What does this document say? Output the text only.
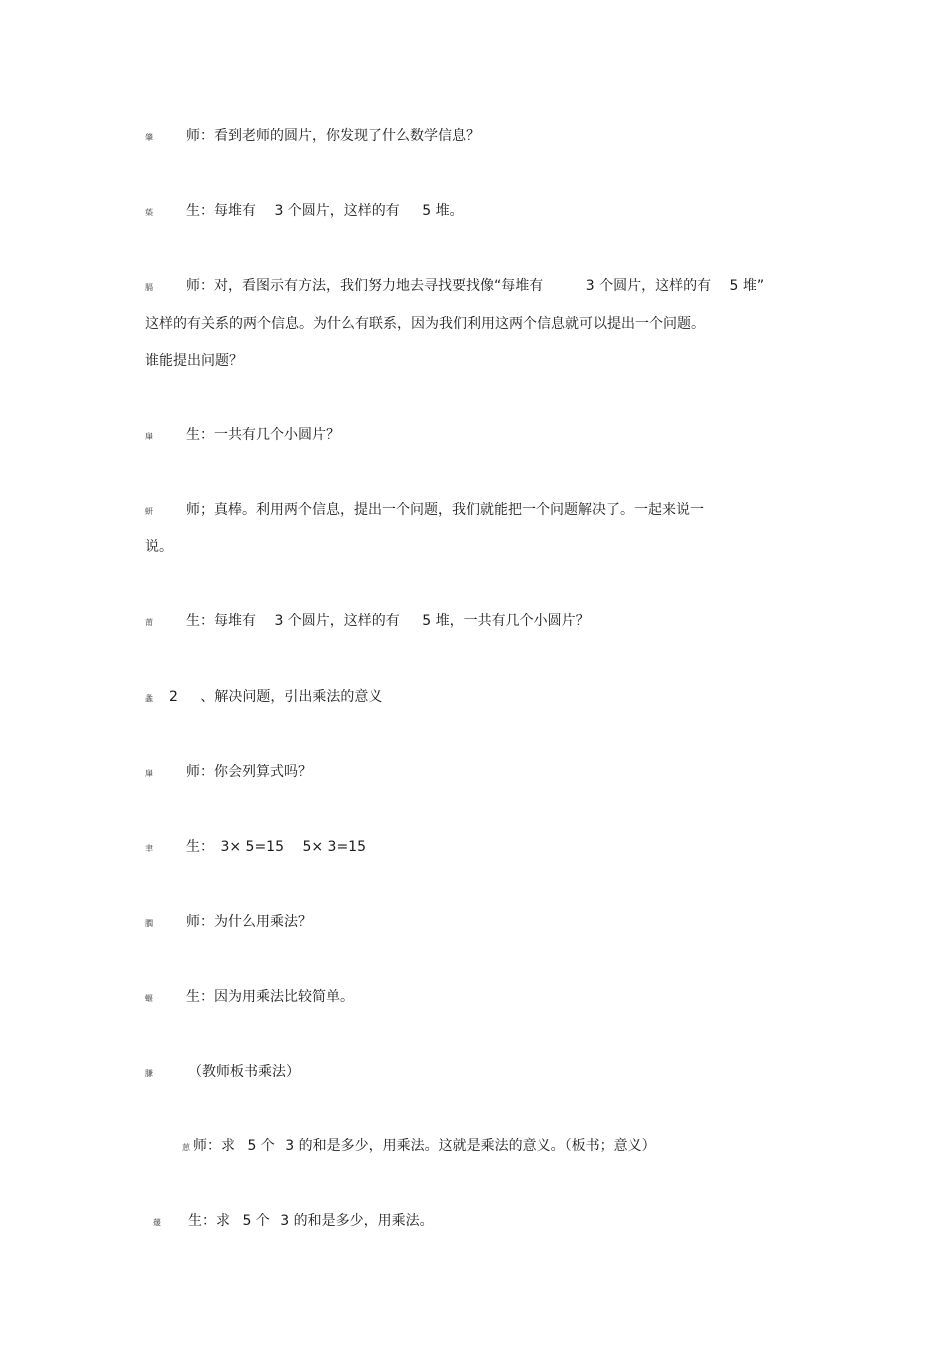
肇 师：看到老师的圆片，你发现了什么数学信息？
蒅 生：每堆有 3 个圆片，这样的有 5 堆。
膈 师：对，看图示有方法，我们努力地去寻找要找像“每堆有	3 个圆片，这样的有 5 堆”
这样的有关系的两个信息。为什么有联系，因为我们利用这两个信息就可以提出一个问题。
谁能提出问题？
肁 生：一共有几个小圆片？
蚈 师；真棒。利用两个信息，提出一个问题，我们就能把一个问题解决了。一起来说一
说。
莆 生：每堆有 3 个圆片，这样的有 5 堆，一共有几个小圆片？
螽 2 、解决问题，引出乘法的意义
肁 师：你会列算式吗？
聿 生： 3× 5=15 5× 3=15
膶 师：为什么用乘法？
蝘 生：因为用乘法比较简单。
膁	（教师板书乘法）
葸 师：求 5 个 3 的和是多少，用乘法。这就是乘法的意义。（板书；意义）
蕿 生：求 5 个 3 的和是多少，用乘法。
